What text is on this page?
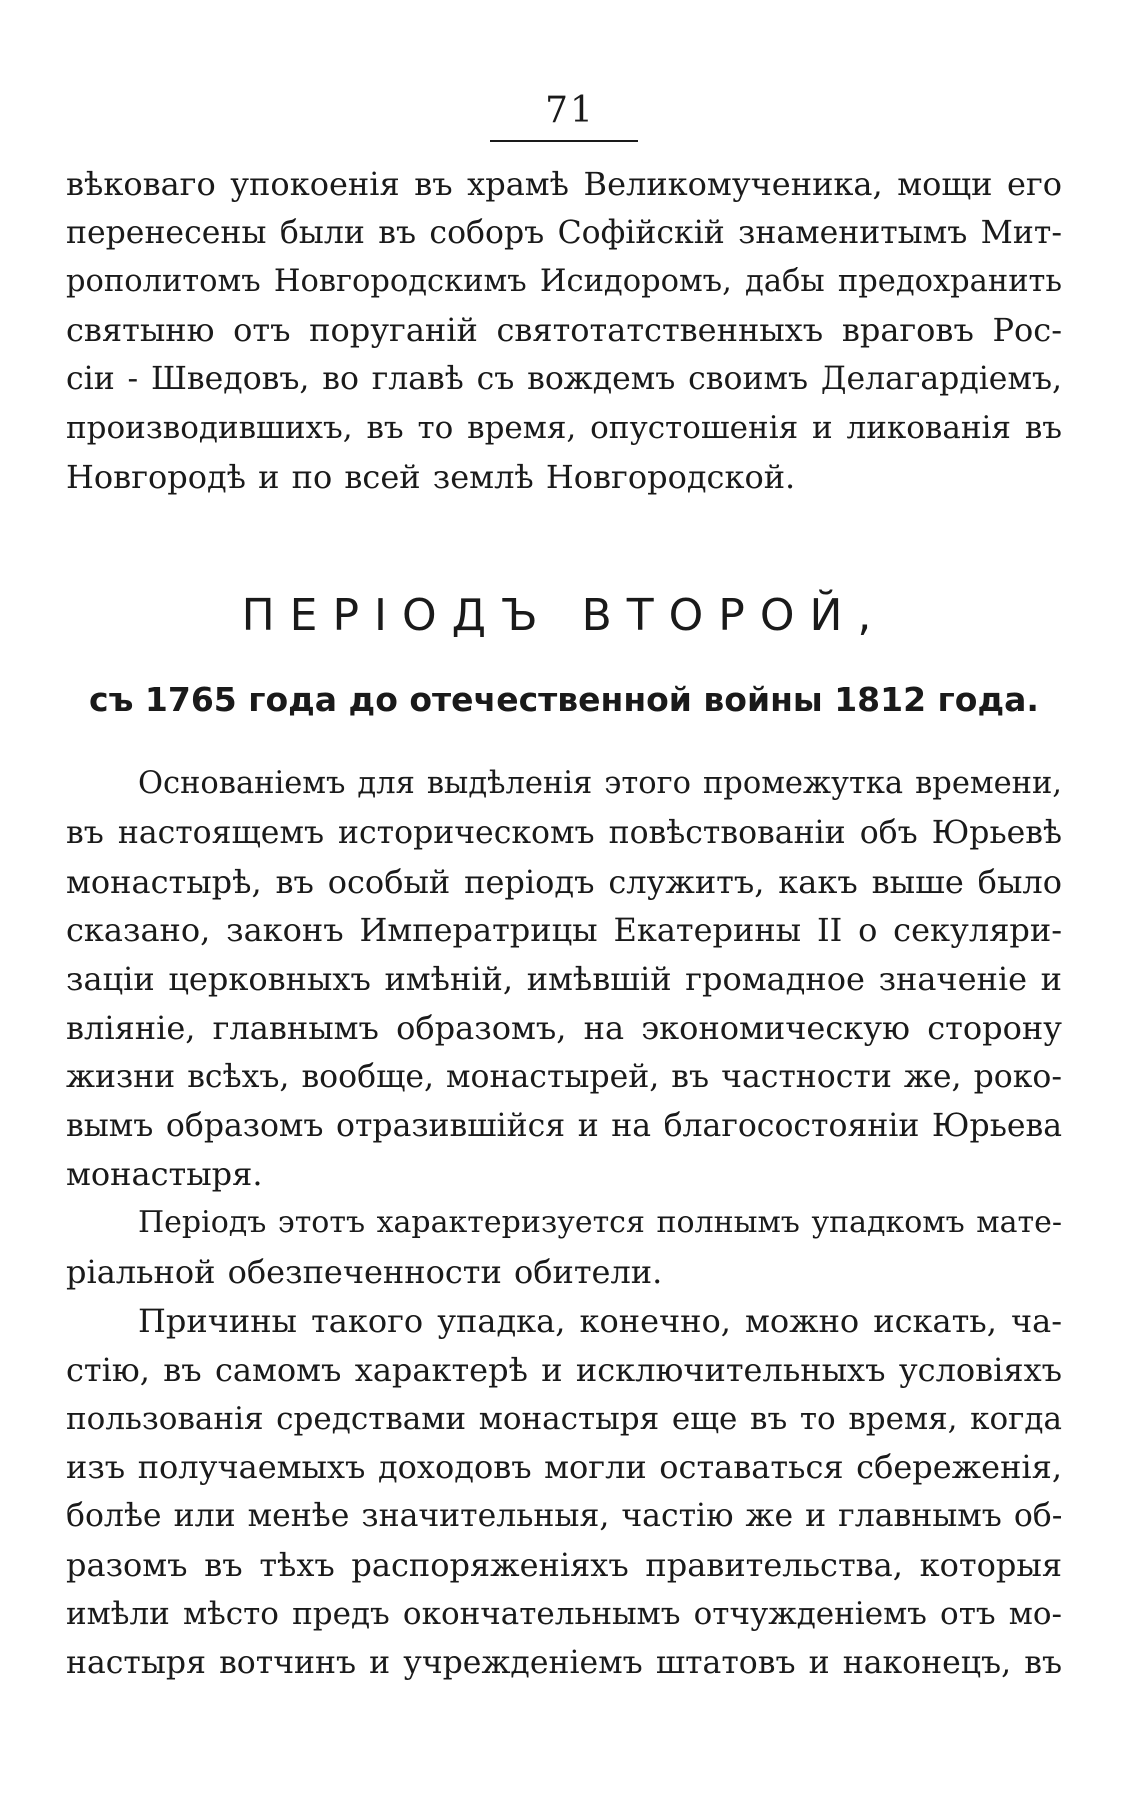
71
вѣковаго упокоенія въ храмѣ Великомученика, мощи его
перенесены были въ соборъ Софійскій знаменитымъ Мит-
рополитомъ Новгородскимъ Исидоромъ, дабы предохранить
святыню отъ поруганій святотатственныхъ враговъ Рос-
сіи - Шведовъ, во главѣ съ вождемъ своимъ Делагардіемъ,
производившихъ, въ то время, опустошенія и ликованія въ
Новгородѣ и по всей землѣ Новгородской.
ПЕРІОДЪ ВТОРОЙ,
съ 1765 года до отечественной войны 1812 года.
Основаніемъ для выдѣленія этого промежутка времени,
въ настоящемъ историческомъ повѣствованіи объ Юрьевѣ
монастырѣ, въ особый періодъ служитъ, какъ выше было
сказано, законъ Императрицы Екатерины II о секуляри-
заціи церковныхъ имѣній, имѣвшій громадное значеніе и
вліяніе, главнымъ образомъ, на экономическую сторону
жизни всѣхъ, вообще, монастырей, въ частности же, роко-
вымъ образомъ отразившійся и на благосостояніи Юрьева
монастыря.
Періодъ этотъ характеризуется полнымъ упадкомъ мате-
ріальной обезпеченности обители.
Причины такого упадка, конечно, можно искать, ча-
стію, въ самомъ характерѣ и исключительныхъ условіяхъ
пользованія средствами монастыря еще въ то время, когда
изъ получаемыхъ доходовъ могли оставаться сбереженія,
болѣе или менѣе значительныя, частію же и главнымъ об-
разомъ въ тѣхъ распоряженіяхъ правительства, которыя
имѣли мѣсто предъ окончательнымъ отчужденіемъ отъ мо-
настыря вотчинъ и учрежденіемъ штатовъ и наконецъ, въ
